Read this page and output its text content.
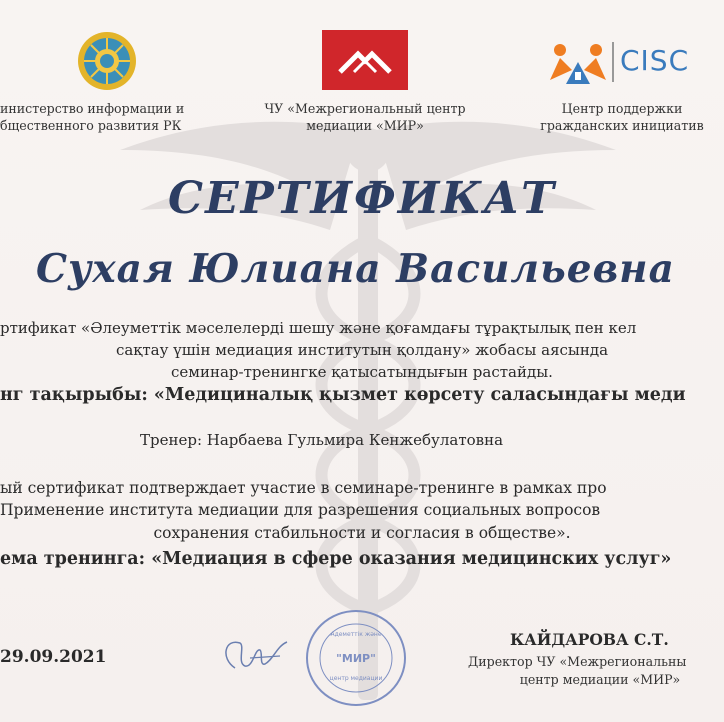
инистерство информации и
бщественного развития РК
ЧУ «Межрегиональный центр
медиации «МИР»
CISC
Центр поддержки
гражданских инициатив
СЕРТИФИКАТ
Сухая Юлиана Васильевна
ртификат «Әлеуметтік мәселелерді шешу және қоғамдағы тұрақтылық пен кел
сақтау үшін медиация институтын қолдану» жобасы аясында
семинар-тренингке қатысатындығын растайды.
нг тақырыбы: «Медициналық қызмет көрсету саласындағы меди
Тренер: Нарбаева Гульмира Кенжебулатовна
ый сертификат подтверждает участие в семинаре-тренинге в рамках про
Применение института медиации для разрешения социальных вопросов
сохранения стабильности и согласия в обществе».
ема тренинга: «Медиация в сфере оказания медицинских услуг»
29.09.2021
Адеметтік және
"МИР"
центр медиации
КАЙДАРОВА С.Т.
Директор ЧУ «Межрегиональны
центр медиации «МИР»
